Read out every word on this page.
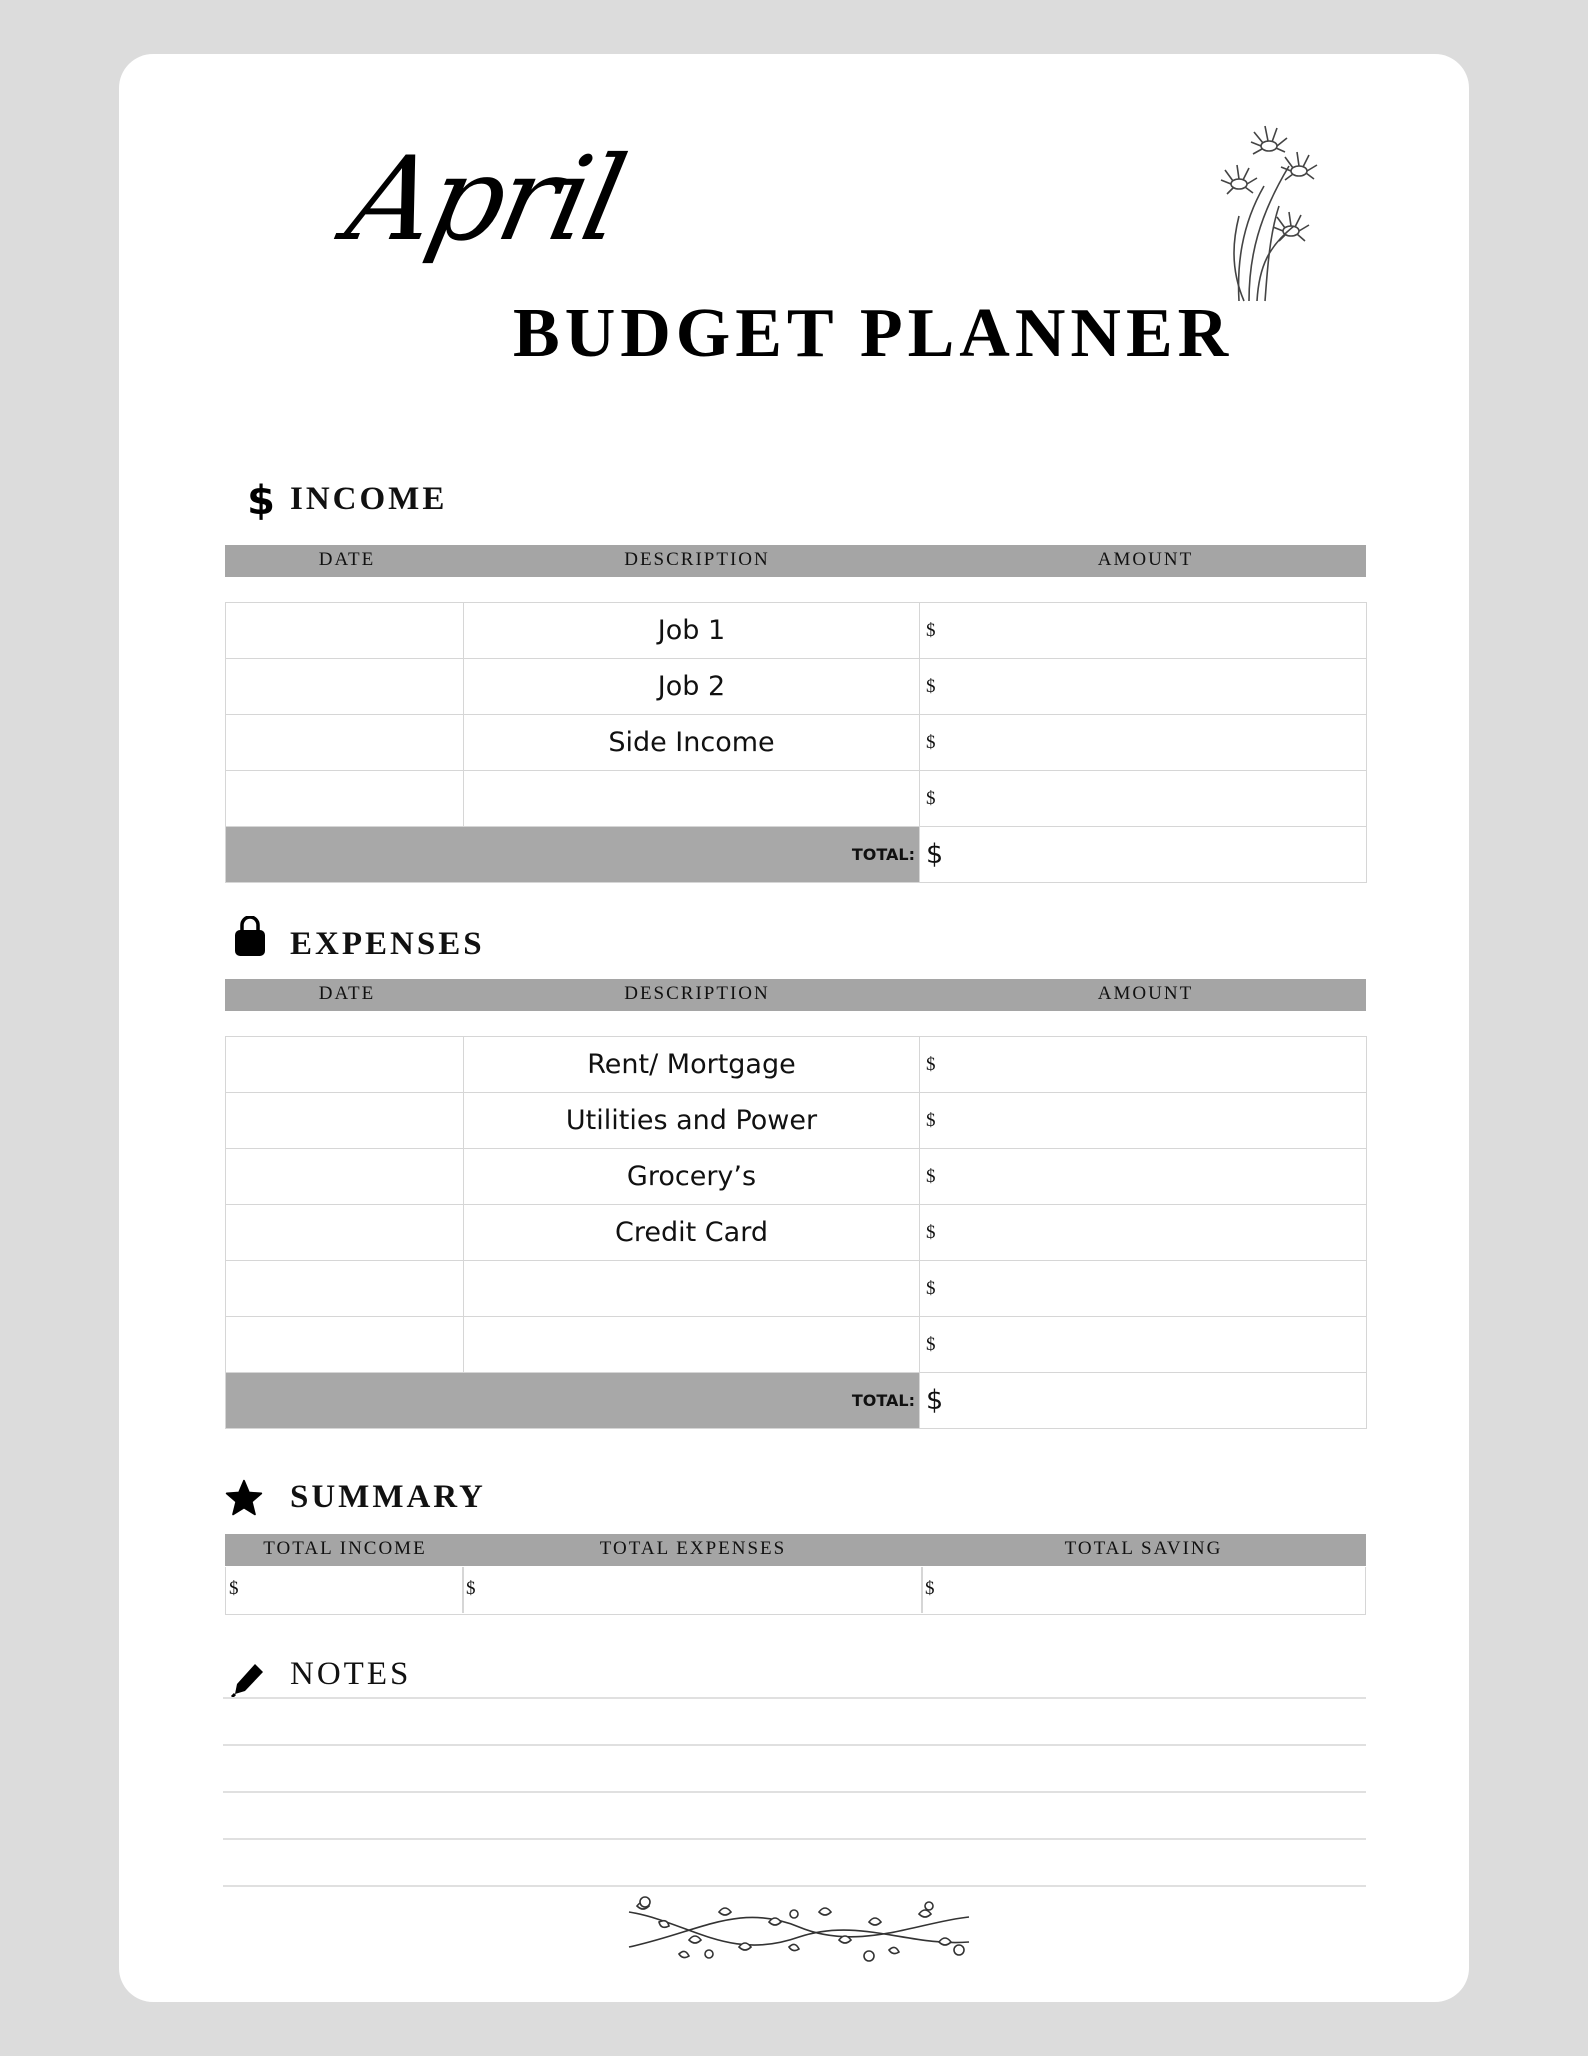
April
BUDGET PLANNER
$ INCOME
DATE	DESCRIPTION	AMOUNT
	Job 1	$
	Job 2	$
	Side Income	$
		$
TOTAL:		$
EXPENSES
DATE	DESCRIPTION	AMOUNT
	Rent/ Mortgage	$
	Utilities and Power	$
	Grocery’s	$
	Credit Card	$
		$
		$
TOTAL:		$
SUMMARY
TOTAL INCOME	TOTAL EXPENSES	TOTAL SAVING
$	$	$
NOTES
